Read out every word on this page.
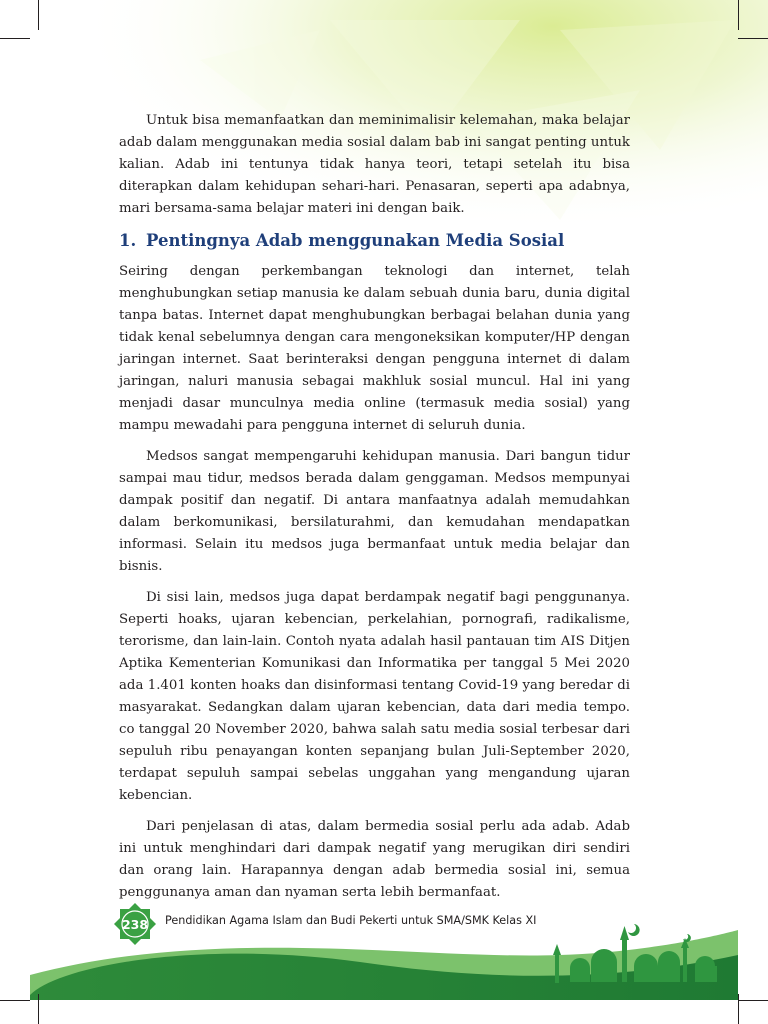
Untuk bisa memanfaatkan dan meminimalisir kelemahan, maka belajar adab dalam menggunakan media sosial dalam bab ini sangat penting untuk kalian. Adab ini tentunya tidak hanya teori, tetapi setelah itu bisa diterapkan dalam kehidupan sehari-hari. Penasaran, seperti apa adabnya, mari bersama-sama belajar materi ini dengan baik.

1. Pentingnya Adab menggunakan Media Sosial

Seiring dengan perkembangan teknologi dan internet, telah menghubungkan setiap manusia ke dalam sebuah dunia baru, dunia digital tanpa batas. Internet dapat menghubungkan berbagai belahan dunia yang tidak kenal sebelumnya dengan cara mengoneksikan komputer/HP dengan jaringan internet. Saat berinteraksi dengan pengguna internet di dalam jaringan, naluri manusia sebagai makhluk sosial muncul. Hal ini yang menjadi dasar munculnya media online (termasuk media sosial) yang mampu mewadahi para pengguna internet di seluruh dunia.

Medsos sangat mempengaruhi kehidupan manusia. Dari bangun tidur sampai mau tidur, medsos berada dalam genggaman. Medsos mempunyai dampak positif dan negatif. Di antara manfaatnya adalah memudahkan dalam berkomunikasi, bersilaturahmi, dan kemudahan mendapatkan informasi. Selain itu medsos juga bermanfaat untuk media belajar dan bisnis.

Di sisi lain, medsos juga dapat berdampak negatif bagi penggunanya. Seperti hoaks, ujaran kebencian, perkelahian, pornografi, radikalisme, terorisme, dan lain-lain. Contoh nyata adalah hasil pantauan tim AIS Ditjen Aptika Kementerian Komunikasi dan Informatika per tanggal 5 Mei 2020 ada 1.401 konten hoaks dan disinformasi tentang Covid-19 yang beredar di masyarakat. Sedangkan dalam ujaran kebencian, data dari media tempo. co tanggal 20 November 2020, bahwa salah satu media sosial terbesar dari sepuluh ribu penayangan konten sepanjang bulan Juli-September 2020, terdapat sepuluh sampai sebelas unggahan yang mengandung ujaran kebencian.

Dari penjelasan di atas, dalam bermedia sosial perlu ada adab. Adab ini untuk menghindari dari dampak negatif yang merugikan diri sendiri dan orang lain. Harapannya dengan adab bermedia sosial ini, semua penggunanya aman dan nyaman serta lebih bermanfaat.

238	Pendidikan Agama Islam dan Budi Pekerti untuk SMA/SMK Kelas XI
